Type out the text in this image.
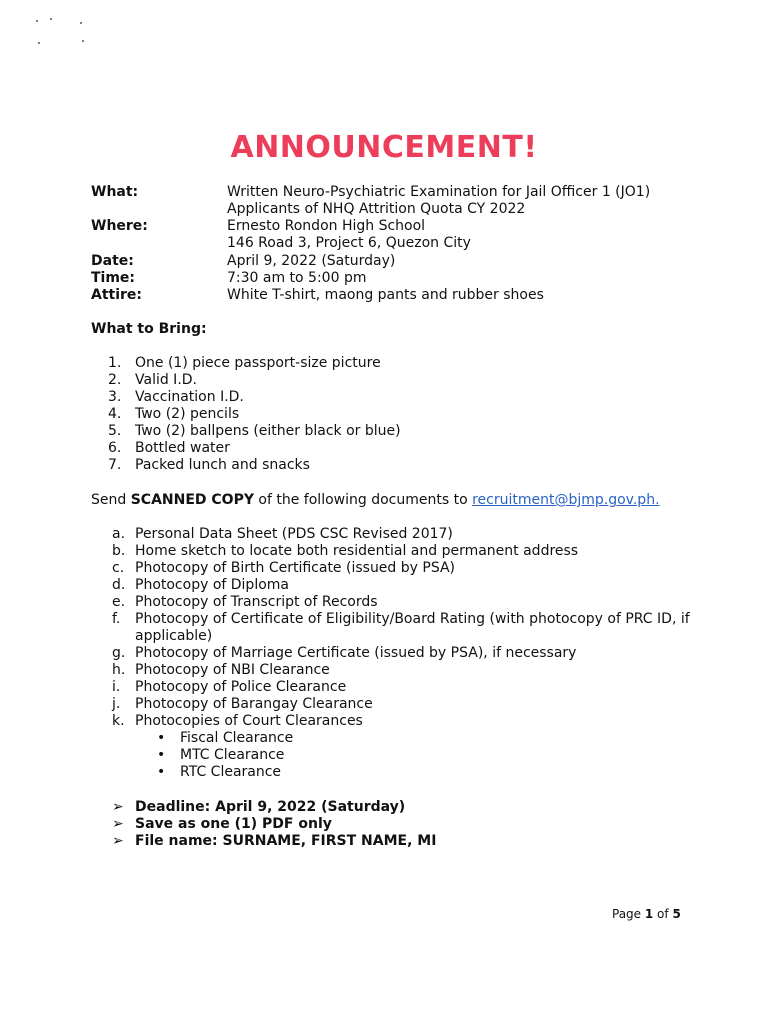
ANNOUNCEMENT!
What:	Written Neuro-Psychiatric Examination for Jail Officer 1 (JO1)
Applicants of NHQ Attrition Quota CY 2022
Where:	Ernesto Rondon High School
146 Road 3, Project 6, Quezon City
Date:	April 9, 2022 (Saturday)
Time:	7:30 am to 5:00 pm
Attire:	White T-shirt, maong pants and rubber shoes
What to Bring:
1. One (1) piece passport-size picture
2. Valid I.D.
3. Vaccination I.D.
4. Two (2) pencils
5. Two (2) ballpens (either black or blue)
6. Bottled water
7. Packed lunch and snacks
Send SCANNED COPY of the following documents to recruitment@bjmp.gov.ph.
a. Personal Data Sheet (PDS CSC Revised 2017)
b. Home sketch to locate both residential and permanent address
c. Photocopy of Birth Certificate (issued by PSA)
d. Photocopy of Diploma
e. Photocopy of Transcript of Records
f.	Photocopy of Certificate of Eligibility/Board Rating (with photocopy of PRC ID, if applicable)
g. Photocopy of Marriage Certificate (issued by PSA), if necessary
h. Photocopy of NBI Clearance
i.	Photocopy of Police Clearance
j.	Photocopy of Barangay Clearance
k. Photocopies of Court Clearances
•	Fiscal Clearance
•	MTC Clearance
•	RTC Clearance
➢ Deadline: April 9, 2022 (Saturday)
➢ Save as one (1) PDF only
➢ File name: SURNAME, FIRST NAME, MI
Page 1 of 5
